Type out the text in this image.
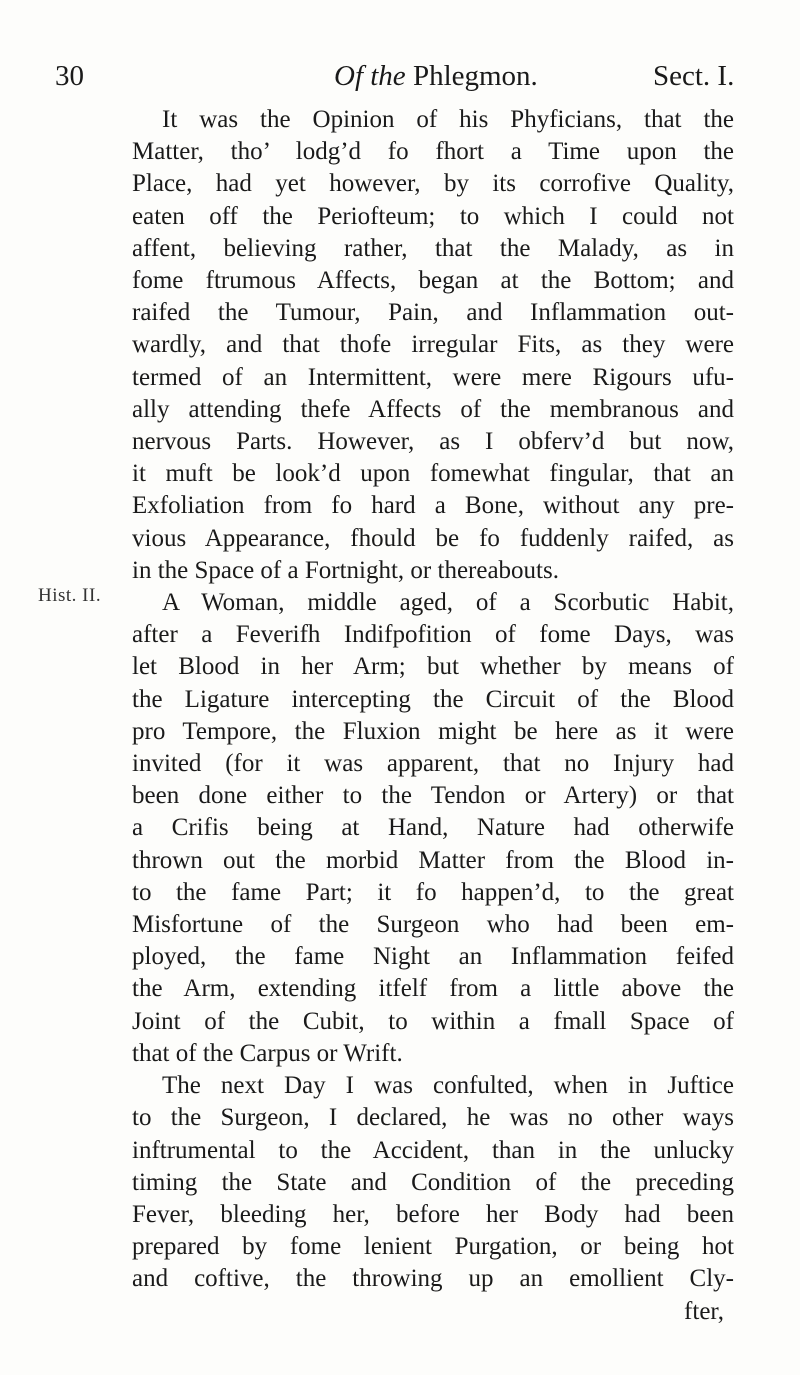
30	Of the Phlegmon.	Sect. I.
Hist. II.
It was the Opinion of his Phyficians, that the
Matter, tho’ lodg’d fo fhort a Time upon the
Place, had yet however, by its corrofive Quality,
eaten off the Periofteum; to which I could not
affent, believing rather, that the Malady, as in
fome ftrumous Affects, began at the Bottom; and
raifed the Tumour, Pain, and Inflammation out-
wardly, and that thofe irregular Fits, as they were
termed of an Intermittent, were mere Rigours ufu-
ally attending thefe Affects of the membranous and
nervous Parts. However, as I obferv’d but now,
it muft be look’d upon fomewhat fingular, that an
Exfoliation from fo hard a Bone, without any pre-
vious Appearance, fhould be fo fuddenly raifed, as
in the Space of a Fortnight, or thereabouts.
A Woman, middle aged, of a Scorbutic Habit,
after a Feverifh Indifpofition of fome Days, was
let Blood in her Arm; but whether by means of
the Ligature intercepting the Circuit of the Blood
pro Tempore, the Fluxion might be here as it were
invited (for it was apparent, that no Injury had
been done either to the Tendon or Artery) or that
a Crifis being at Hand, Nature had otherwife
thrown out the morbid Matter from the Blood in-
to the fame Part; it fo happen’d, to the great
Misfortune of the Surgeon who had been em-
ployed, the fame Night an Inflammation feifed
the Arm, extending itfelf from a little above the
Joint of the Cubit, to within a fmall Space of
that of the Carpus or Wrift.
The next Day I was confulted, when in Juftice
to the Surgeon, I declared, he was no other ways
inftrumental to the Accident, than in the unlucky
timing the State and Condition of the preceding
Fever, bleeding her, before her Body had been
prepared by fome lenient Purgation, or being hot
and coftive, the throwing up an emollient Cly-
fter,
